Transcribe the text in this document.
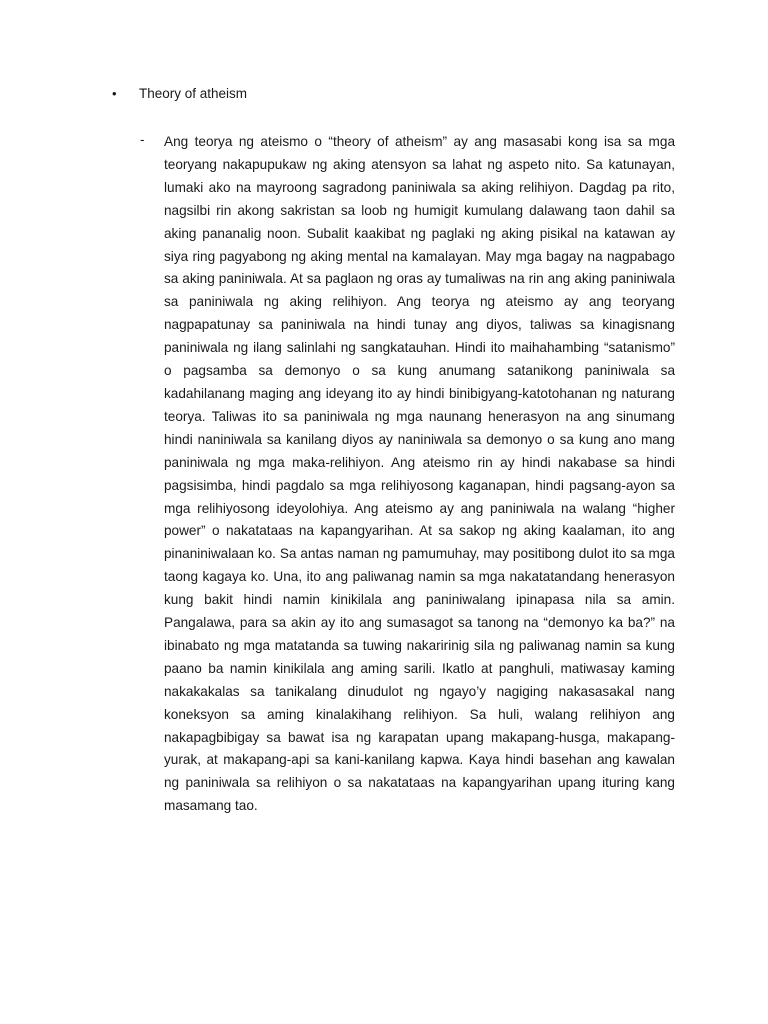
•	Theory of atheism
- Ang teorya ng ateismo o “theory of atheism” ay ang masasabi kong isa sa mga teoryang nakapupukaw ng aking atensyon sa lahat ng aspeto nito. Sa katunayan, lumaki ako na mayroong sagradong paniniwala sa aking relihiyon. Dagdag pa rito, nagsilbi rin akong sakristan sa loob ng humigit kumulang dalawang taon dahil sa aking pananalig noon. Subalit kaakibat ng paglaki ng aking pisikal na katawan ay siya ring pagyabong ng aking mental na kamalayan. May mga bagay na nagpabago sa aking paniniwala. At sa paglaon ng oras ay tumaliwas na rin ang aking paniniwala sa paniniwala ng aking relihiyon. Ang teorya ng ateismo ay ang teoryang nagpapatunay sa paniniwala na hindi tunay ang diyos, taliwas sa kinagisnang paniniwala ng ilang salinlahi ng sangkatauhan. Hindi ito maihahambing “satanismo” o pagsamba sa demonyo o sa kung anumang satanikong paniniwala sa kadahilanang maging ang ideyang ito ay hindi binibigyang-katotohanan ng naturang teorya. Taliwas ito sa paniniwala ng mga naunang henerasyon na ang sinumang hindi naniniwala sa kanilang diyos ay naniniwala sa demonyo o sa kung ano mang paniniwala ng mga maka-relihiyon. Ang ateismo rin ay hindi nakabase sa hindi pagsisimba, hindi pagdalo sa mga relihiyosong kaganapan, hindi pagsang-ayon sa mga relihiyosong ideyolohiya. Ang ateismo ay ang paniniwala na walang “higher power” o nakatataas na kapangyarihan. At sa sakop ng aking kaalaman, ito ang pinaniniwalaan ko. Sa antas naman ng pamumuhay, may positibong dulot ito sa mga taong kagaya ko. Una, ito ang paliwanag namin sa mga nakatatandang henerasyon kung bakit hindi namin kinikilala ang paniniwalang ipinapasa nila sa amin. Pangalawa, para sa akin ay ito ang sumasagot sa tanong na “demonyo ka ba?” na ibinabato ng mga matatanda sa tuwing nakaririnig sila ng paliwanag namin sa kung paano ba namin kinikilala ang aming sarili. Ikatlo at panghuli, matiwasay kaming nakakakalas sa tanikalang dinudulot ng ngayo’y nagiging nakasasakal nang koneksyon sa aming kinalakihang relihiyon. Sa huli, walang relihiyon ang nakapagbibigay sa bawat isa ng karapatan upang makapang-husga, makapang-yurak, at makapang-api sa kani-kanilang kapwa. Kaya hindi basehan ang kawalan ng paniniwala sa relihiyon o sa nakatataas na kapangyarihan upang ituring kang masamang tao.
